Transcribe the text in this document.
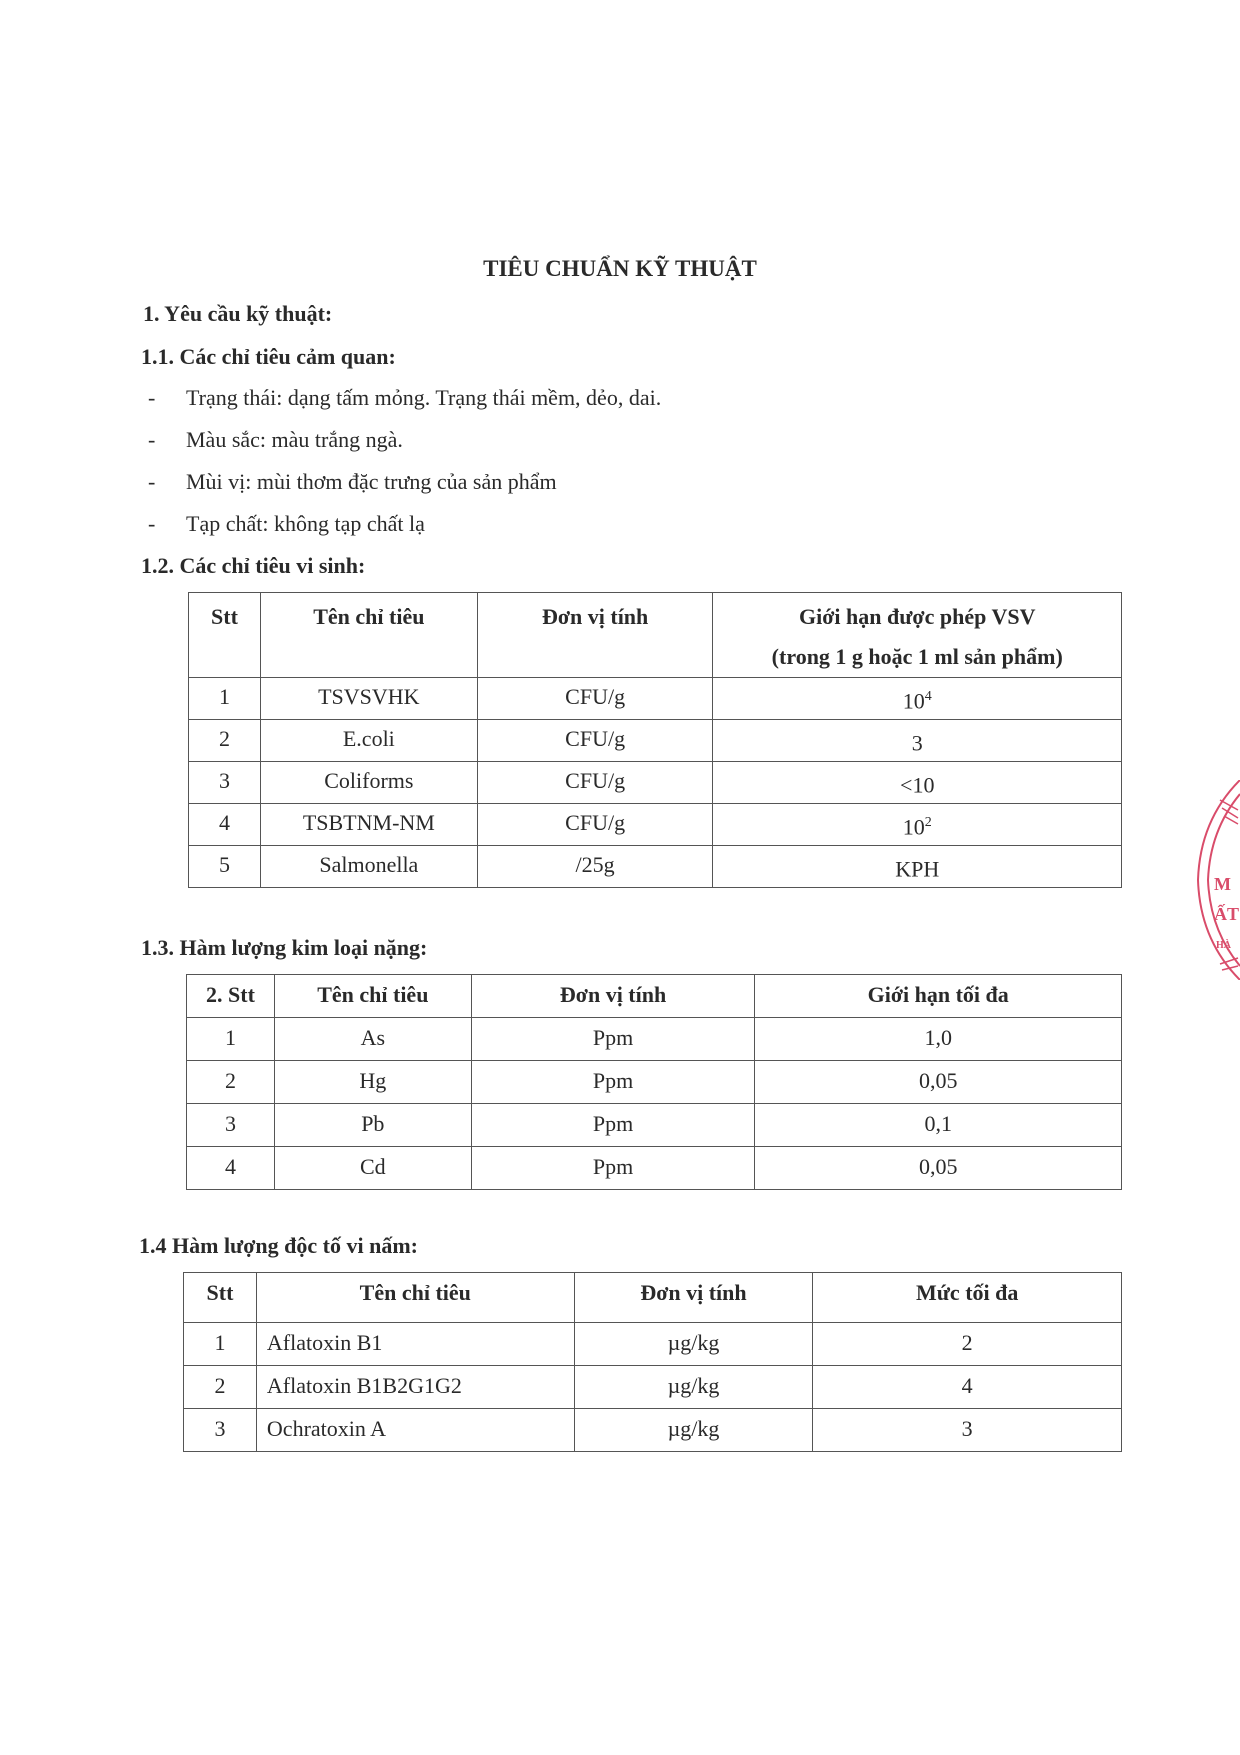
TIÊU CHUẨN KỸ THUẬT
1. Yêu cầu kỹ thuật:
1.1. Các chỉ tiêu cảm quan:
- Trạng thái: dạng tấm mỏng. Trạng thái mềm, dẻo, dai.
- Màu sắc: màu trắng ngà.
- Mùi vị: mùi thơm đặc trưng của sản phẩm
- Tạp chất: không tạp chất lạ
1.2. Các chỉ tiêu vi sinh:
Stt	Tên chỉ tiêu	Đơn vị tính	Giới hạn được phép VSV
(trong 1 g hoặc 1 ml sản phẩm)

1	TSVSVHK	CFU/g	$10^4$
2	E.coli	CFU/g	3
3	Coliforms	CFU/g	<10
4	TSBTNM-NM	CFU/g	$10^2$
5	Salmonella	/25g	KPH
1.3. Hàm lượng kim loại nặng:
2. Stt	Tên chỉ tiêu	Đơn vị tính	Giới hạn tối đa
1	As	Ppm	1,0
2	Hg	Ppm	0,05
3	Pb	Ppm	0,1
4	Cd	Ppm	0,05
1.4 Hàm lượng độc tố vi nấm:
Stt	Tên chỉ tiêu	Đơn vị tính	Mức tối đa
1	Aflatoxin B1	µg/kg	2
2	Aflatoxin B1B2G1G2	µg/kg	4
3	Ochratoxin A	µg/kg	3
M
ẤT
HÀ
